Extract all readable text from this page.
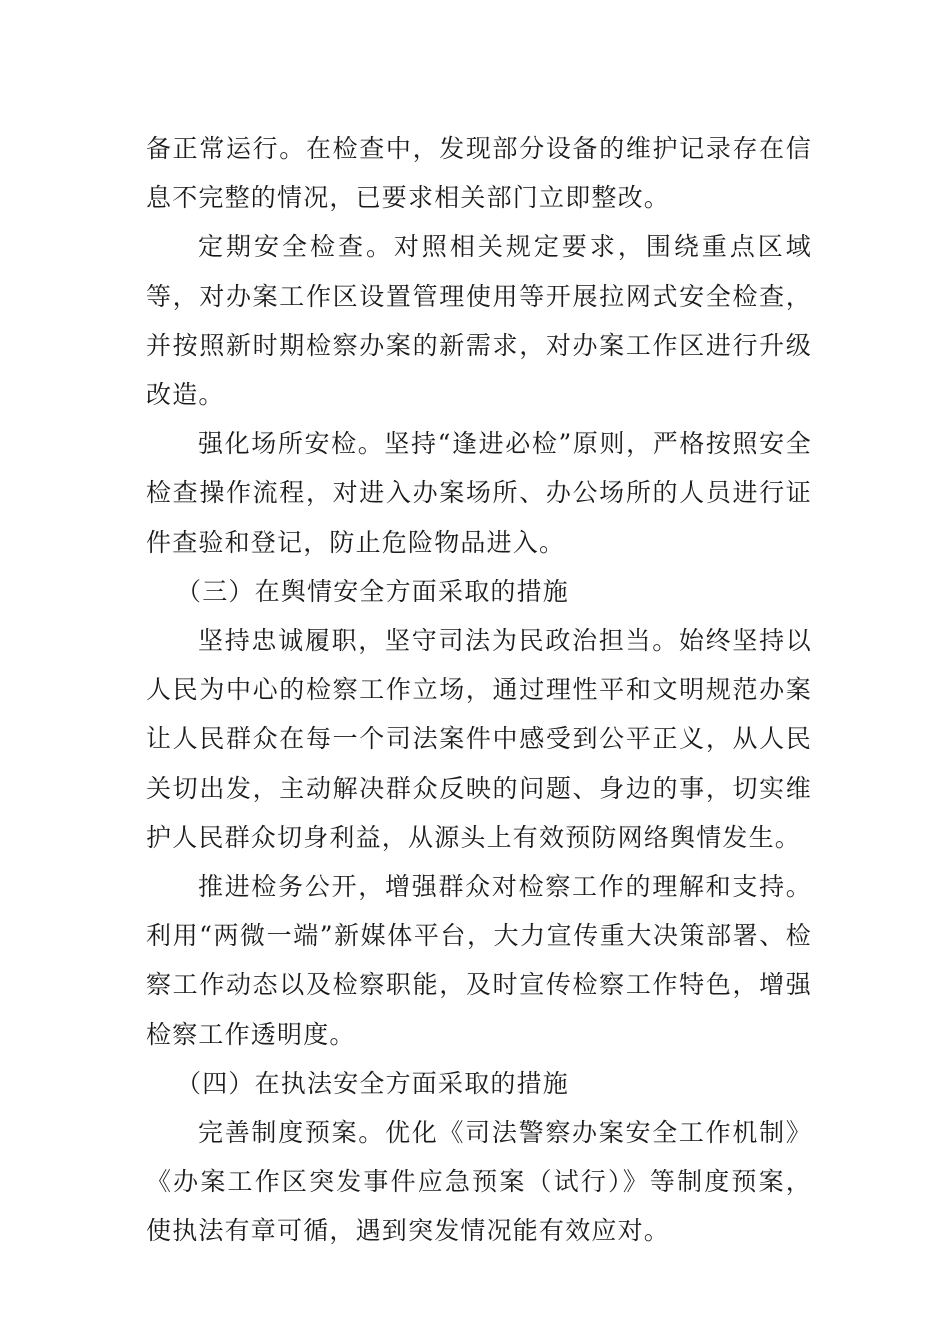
备正常运行。在检查中，发现部分设备的维护记录存在信息不完整的情况，已要求相关部门立即整改。

定期安全检查。对照相关规定要求，围绕重点区域等，对办案工作区设置管理使用等开展拉网式安全检查，并按照新时期检察办案的新需求，对办案工作区进行升级改造。

强化场所安检。坚持“逢进必检”原则，严格按照安全检查操作流程，对进入办案场所、办公场所的人员进行证件查验和登记，防止危险物品进入。

（三）在舆情安全方面采取的措施

坚持忠诚履职，坚守司法为民政治担当。始终坚持以人民为中心的检察工作立场，通过理性平和文明规范办案让人民群众在每一个司法案件中感受到公平正义，从人民关切出发，主动解决群众反映的问题、身边的事，切实维护人民群众切身利益，从源头上有效预防网络舆情发生。

推进检务公开，增强群众对检察工作的理解和支持。利用“两微一端”新媒体平台，大力宣传重大决策部署、检察工作动态以及检察职能，及时宣传检察工作特色，增强检察工作透明度。

（四）在执法安全方面采取的措施

完善制度预案。优化《司法警察办案安全工作机制》《办案工作区突发事件应急预案（试行）》等制度预案，使执法有章可循，遇到突发情况能有效应对。
